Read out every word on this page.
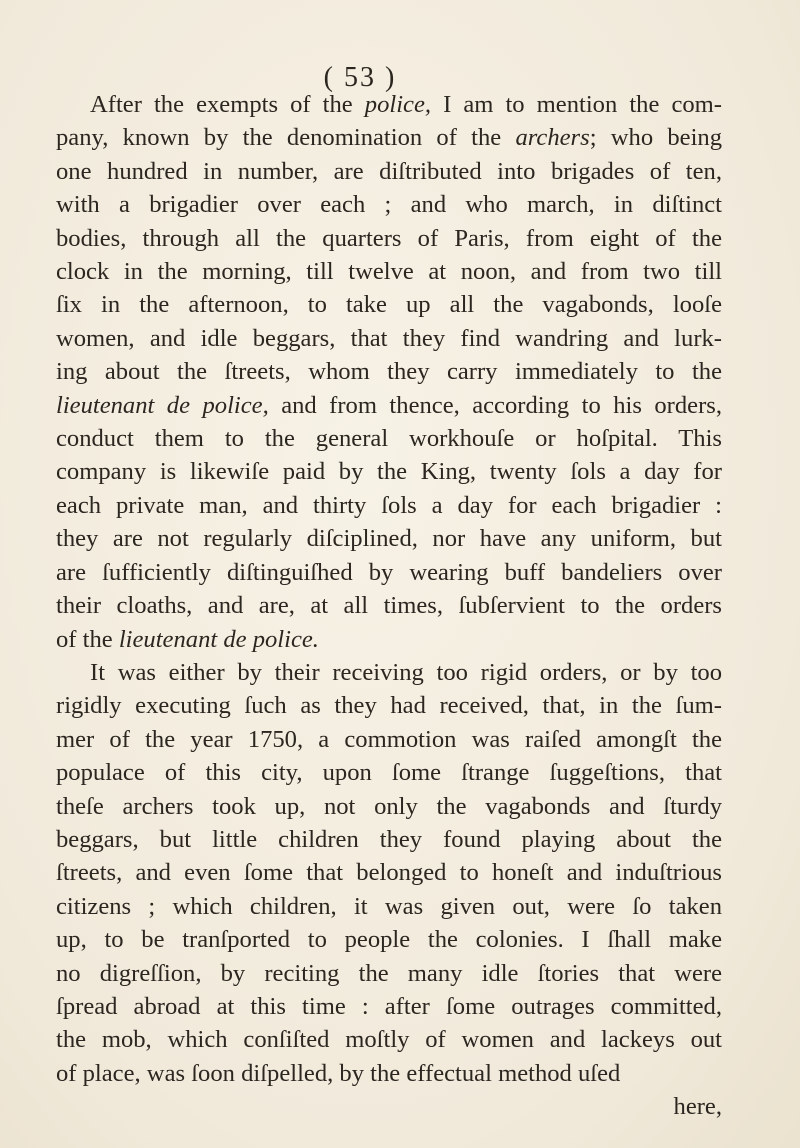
( 53 )
After the exempts of the police, I am to mention the com-
pany, known by the denomination of the archers; who being
one hundred in number, are diſtributed into brigades of ten,
with a brigadier over each ; and who march, in diſtinct
bodies, through all the quarters of Paris, from eight of the
clock in the morning, till twelve at noon, and from two till
ſix in the afternoon, to take up all the vagabonds, looſe
women, and idle beggars, that they find wandring and lurk-
ing about the ſtreets, whom they carry immediately to the
lieutenant de police, and from thence, according to his orders,
conduct them to the general workhouſe or hoſpital. This
company is likewiſe paid by the King, twenty ſols a day for
each private man, and thirty ſols a day for each brigadier :
they are not regularly diſciplined, nor have any uniform, but
are ſufficiently diſtinguiſhed by wearing buff bandeliers over
their cloaths, and are, at all times, ſubſervient to the orders
of the lieutenant de police.
It was either by their receiving too rigid orders, or by too
rigidly executing ſuch as they had received, that, in the ſum-
mer of the year 1750, a commotion was raiſed amongſt the
populace of this city, upon ſome ſtrange ſuggeſtions, that
theſe archers took up, not only the vagabonds and ſturdy
beggars, but little children they found playing about the
ſtreets, and even ſome that belonged to honeſt and induſtrious
citizens ; which children, it was given out, were ſo taken
up, to be tranſported to people the colonies. I ſhall make
no digreſſion, by reciting the many idle ſtories that were
ſpread abroad at this time : after ſome outrages committed,
the mob, which conſiſted moſtly of women and lackeys out
of place, was ſoon diſpelled, by the effectual method uſed
here,
